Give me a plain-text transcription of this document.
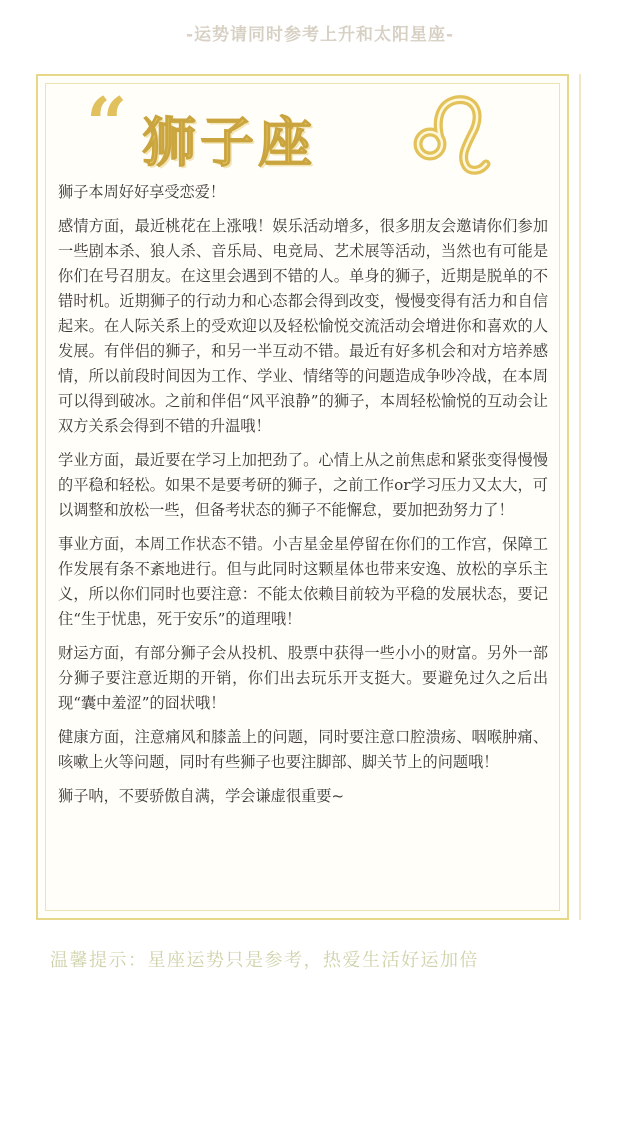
-运势请同时参考上升和太阳星座-
“ 狮子座

狮子本周好好享受恋爱！

感情方面，最近桃花在上涨哦！娱乐活动增多，很多朋友会邀请你们参加一些剧本杀、狼人杀、音乐局、电竞局、艺术展等活动，当然也有可能是你们在号召朋友。在这里会遇到不错的人。单身的狮子，近期是脱单的不错时机。近期狮子的行动力和心态都会得到改变，慢慢变得有活力和自信起来。在人际关系上的受欢迎以及轻松愉悦交流活动会增进你和喜欢的人发展。有伴侣的狮子，和另一半互动不错。最近有好多机会和对方培养感情，所以前段时间因为工作、学业、情绪等的问题造成争吵冷战，在本周可以得到破冰。之前和伴侣“风平浪静”的狮子，本周轻松愉悦的互动会让双方关系会得到不错的升温哦！

学业方面，最近要在学习上加把劲了。心情上从之前焦虑和紧张变得慢慢的平稳和轻松。如果不是要考研的狮子，之前工作or学习压力又太大，可以调整和放松一些，但备考状态的狮子不能懈怠，要加把劲努力了！

事业方面，本周工作状态不错。小吉星金星停留在你们的工作宫，保障工作发展有条不紊地进行。但与此同时这颗星体也带来安逸、放松的享乐主义，所以你们同时也要注意：不能太依赖目前较为平稳的发展状态，要记住“生于忧患，死于安乐”的道理哦！

财运方面，有部分狮子会从投机、股票中获得一些小小的财富。另外一部分狮子要注意近期的开销，你们出去玩乐开支挺大。要避免过久之后出现“囊中羞涩”的囧状哦！

健康方面，注意痛风和膝盖上的问题，同时要注意口腔溃疡、咽喉肿痛、咳嗽上火等问题，同时有些狮子也要注脚部、脚关节上的问题哦！

狮子呐，不要骄傲自满，学会谦虚很重要~

温馨提示：星座运势只是参考，热爱生活好运加倍
